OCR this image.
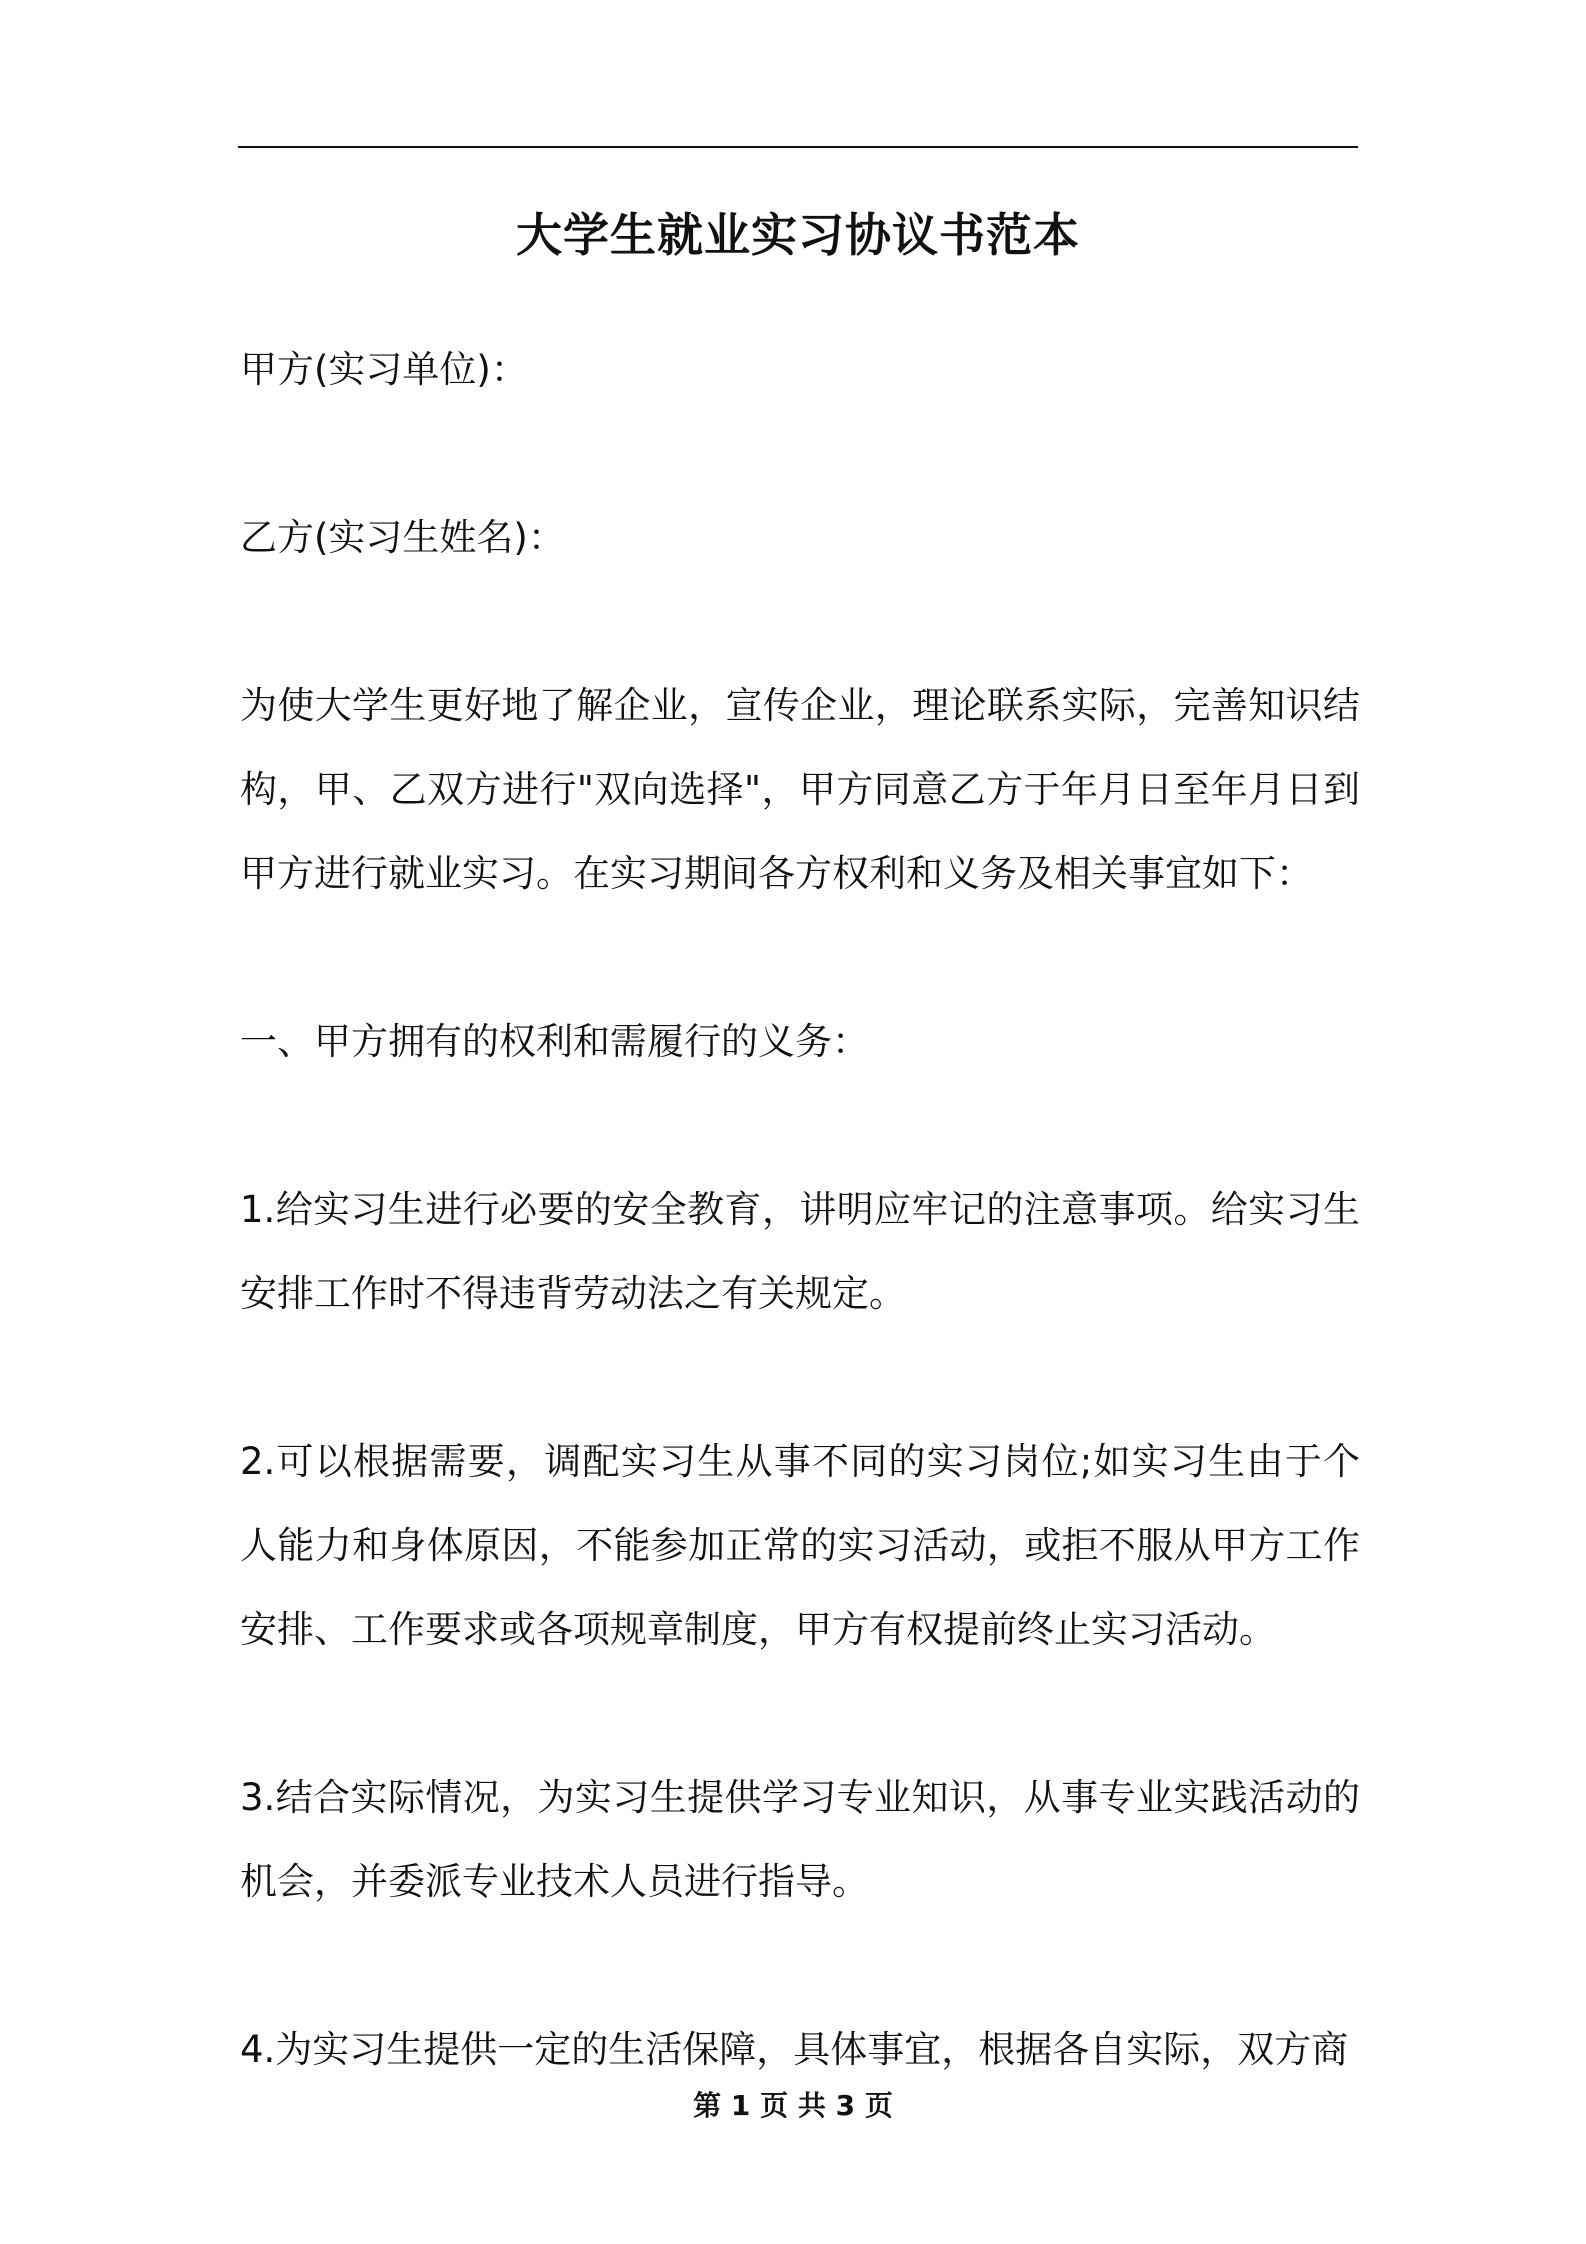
大学生就业实习协议书范本

甲方(实习单位)：

乙方(实习生姓名)：

为使大学生更好地了解企业，宣传企业，理论联系实际，完善知识结构，甲、乙双方进行"双向选择"，甲方同意乙方于年月日至年月日到甲方进行就业实习。在实习期间各方权利和义务及相关事宜如下：

一、甲方拥有的权利和需履行的义务：

1.给实习生进行必要的安全教育，讲明应牢记的注意事项。给实习生安排工作时不得违背劳动法之有关规定。

2.可以根据需要，调配实习生从事不同的实习岗位;如实习生由于个人能力和身体原因，不能参加正常的实习活动，或拒不服从甲方工作安排、工作要求或各项规章制度，甲方有权提前终止实习活动。

3.结合实际情况，为实习生提供学习专业知识，从事专业实践活动的机会，并委派专业技术人员进行指导。

4.为实习生提供一定的生活保障，具体事宜，根据各自实际，双方商

第 1 页 共 3 页
